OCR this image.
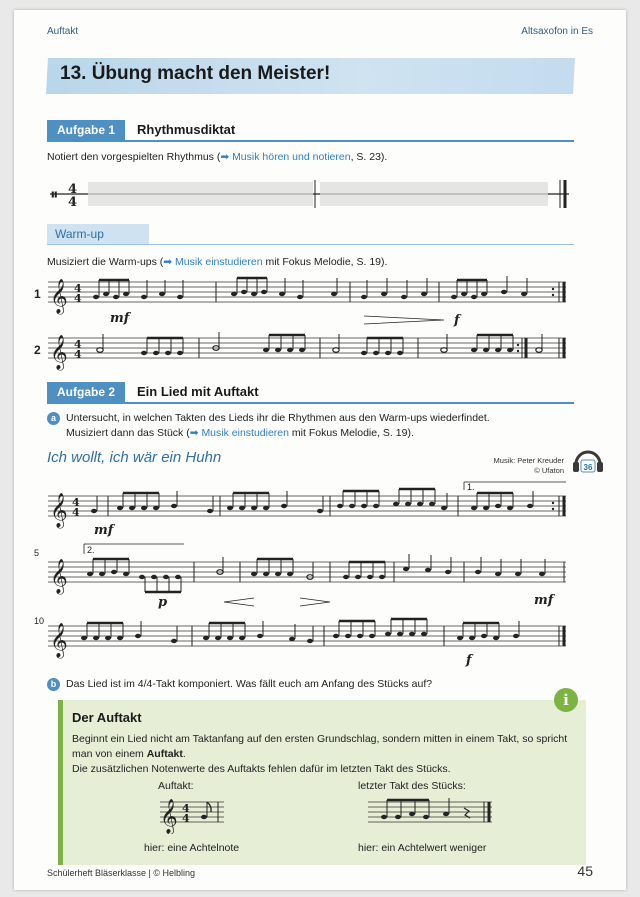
Auftakt	Altsaxofon in Es
13. Übung macht den Meister!
Aufgabe 1 Rhythmusdiktat
Notiert den vorgespielten Rhythmus (➡ Musik hören und notieren, S. 23).
𝄥 4
4
Warm-up
Musiziert die Warm-ups (➡ Musik einstudieren mit Fokus Melodie, S. 19).
1 𝄞 4
4
mf	f
2 𝄞 4
4
Aufgabe 2 Ein Lied mit Auftakt
a Untersucht, in welchen Takten des Lieds ihr die Rhythmen aus den Warm-ups wiederfindet.
Musiziert dann das Stück (➡ Musik einstudieren mit Fokus Melodie, S. 19).
Ich wollt, ich wär ein Huhn	Musik: Peter Kreuder
© Ufaton 36
1.
𝄞 4
4
mf
5	2.
𝄞
p	mf
10
𝄞
f
b Das Lied ist im 4/4-Takt komponiert. Was fällt euch am Anfang des Stücks auf?
Der Auftakt
Beginnt ein Lied nicht am Taktanfang auf den ersten Grundschlag, sondern mitten in einem Takt, so spricht man von einem Auftakt.
Die zusätzlichen Notenwerte des Auftakts fehlen dafür im letzten Takt des Stücks.
Auftakt:	letzter Takt des Stücks:
𝄞 4
4
hier: eine Achtelnote	hier: ein Achtelwert weniger
i
Schülerheft Bläserklasse | © Helbling	45
